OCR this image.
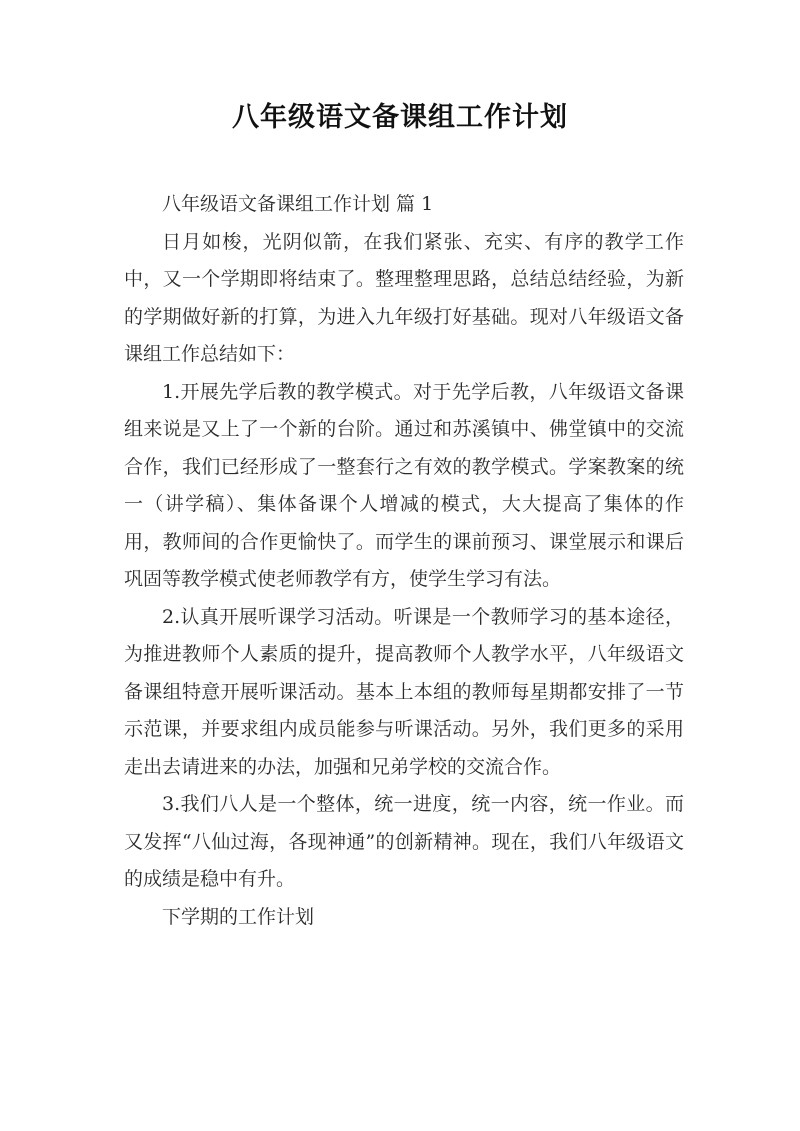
八年级语文备课组工作计划

八年级语文备课组工作计划 篇 1

日月如梭，光阴似箭，在我们紧张、充实、有序的教学工作中，又一个学期即将结束了。整理整理思路，总结总结经验，为新的学期做好新的打算，为进入九年级打好基础。现对八年级语文备课组工作总结如下：

1.开展先学后教的教学模式。对于先学后教，八年级语文备课组来说是又上了一个新的台阶。通过和苏溪镇中、佛堂镇中的交流合作，我们已经形成了一整套行之有效的教学模式。学案教案的统一（讲学稿）、集体备课个人增减的模式，大大提高了集体的作用，教师间的合作更愉快了。而学生的课前预习、课堂展示和课后巩固等教学模式使老师教学有方，使学生学习有法。

2.认真开展听课学习活动。听课是一个教师学习的基本途径，为推进教师个人素质的提升，提高教师个人教学水平，八年级语文备课组特意开展听课活动。基本上本组的教师每星期都安排了一节示范课，并要求组内成员能参与听课活动。另外，我们更多的采用走出去请进来的办法，加强和兄弟学校的交流合作。

3.我们八人是一个整体，统一进度，统一内容，统一作业。而又发挥“八仙过海，各现神通”的创新精神。现在，我们八年级语文的成绩是稳中有升。

下学期的工作计划
